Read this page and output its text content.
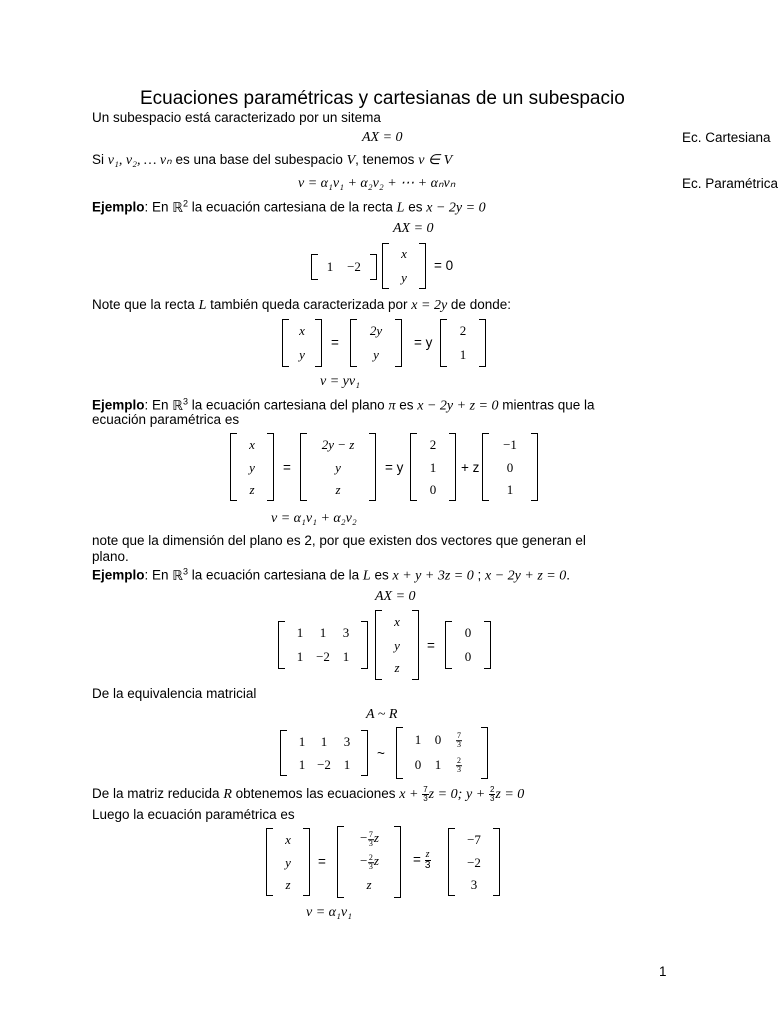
Ecuaciones paramétricas y cartesianas de un subespacio
Un subespacio está caracterizado por un sitema
AX = 0	Ec. Cartesiana
Si v₁, v₂, … vₙ es una base del subespacio V, tenemos v ∈ V
v = α₁v₁ + α₂v₂ + ⋯ + αₙvₙ	Ec. Paramétrica
Ejemplo: En ℝ$^2$ la ecuación cartesiana de la recta L es x − 2y = 0
AX = 0
1 −2
x
y
= 0
Note que la recta L también queda caracterizada por x = 2y de donde:
x
y
=
2y
y
= y
2
1
v = yv₁
Ejemplo: En ℝ$^3$ la ecuación cartesiana del plano π es x − 2y + z = 0 mientras que la
ecuación paramétrica es
x
y
z
=
2y − z
y
z
= y
2
1
0
+ z
−1
0
1
v = α₁v₁ + α₂v₂
note que la dimensión del plano es 2, por que existen dos vectores que generan el
plano.
Ejemplo: En ℝ$^3$ la ecuación cartesiana de la L es x + y + 3z = 0 ; x − 2y + z = 0.
AX = 0
1 1 3
1 −2 1
x
y
z
=
0
0
De la equivalencia matricial
A ~ R
1 1 3
1 −2 1
~
1 $0 \frac{7}{3}$
0 $1 \frac{2}{3}$
De la matriz reducida R obtenemos las ecuaciones $x + \frac{7}{3}$ z = 0; $y + \frac{2}{3}$ z = 0
Luego la ecuación paramétrica es
x
y
z
=
− $\frac{7}{3}$ z
− $\frac{2}{3}$ z
z
= $\frac{z}{3}$
−7
−2
3
v = α₁v₁
1
